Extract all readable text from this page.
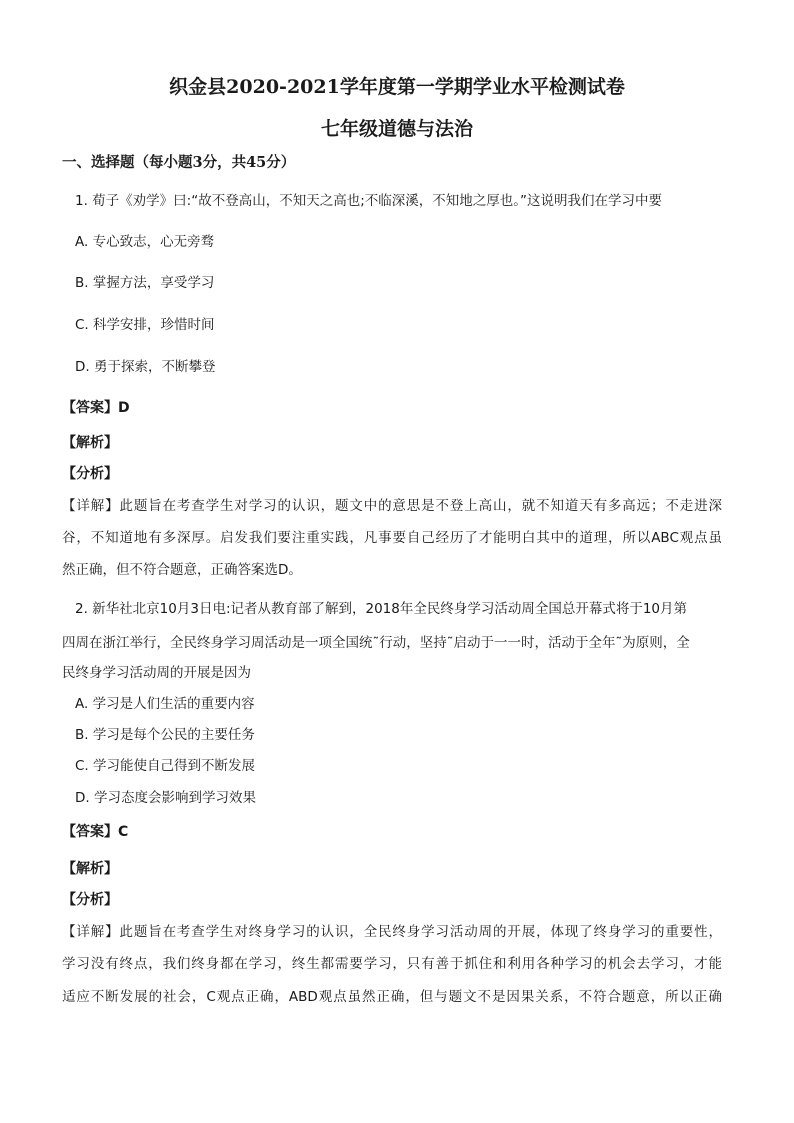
织金县2020-2021学年度第一学期学业水平检测试卷
七年级道德与法治
一、选择题（每小题3分，共45分）
1. 荀子《劝学》曰:“故不登高山，不知天之高也;不临深溪，不知地之厚也。”这说明我们在学习中要
A. 专心致志，心无旁骛
B. 掌握方法，享受学习
C. 科学安排，珍惜时间
D. 勇于探索，不断攀登
【答案】D
【解析】
【分析】
【详解】此题旨在考查学生对学习的认识，题文中的意思是不登上高山，就不知道天有多高远；不走进深
谷，不知道地有多深厚。启发我们要注重实践，凡事要自己经历了才能明白其中的道理，所以ABC观点虽
然正确，但不符合题意，正确答案选D。
2. 新华社北京10月3日电:记者从教育部了解到，2018年全民终身学习活动周全国总开幕式将于10月第
四周在浙江举行，全民终身学习周活动是一项全国统˜行动，坚持˜启动于一一时，活动于全年˜为原则，全
民终身学习活动周的开展是因为
A. 学习是人们生活的重要内容
B. 学习是每个公民的主要任务
C. 学习能使自己得到不断发展
D. 学习态度会影响到学习效果
【答案】C
【解析】
【分析】
【详解】此题旨在考查学生对终身学习的认识，全民终身学习活动周的开展，体现了终身学习的重要性，
学习没有终点，我们终身都在学习，终生都需要学习，只有善于抓住和利用各种学习的机会去学习，才能
适应不断发展的社会，C观点正确，ABD观点虽然正确，但与题文不是因果关系，不符合题意，所以正确
